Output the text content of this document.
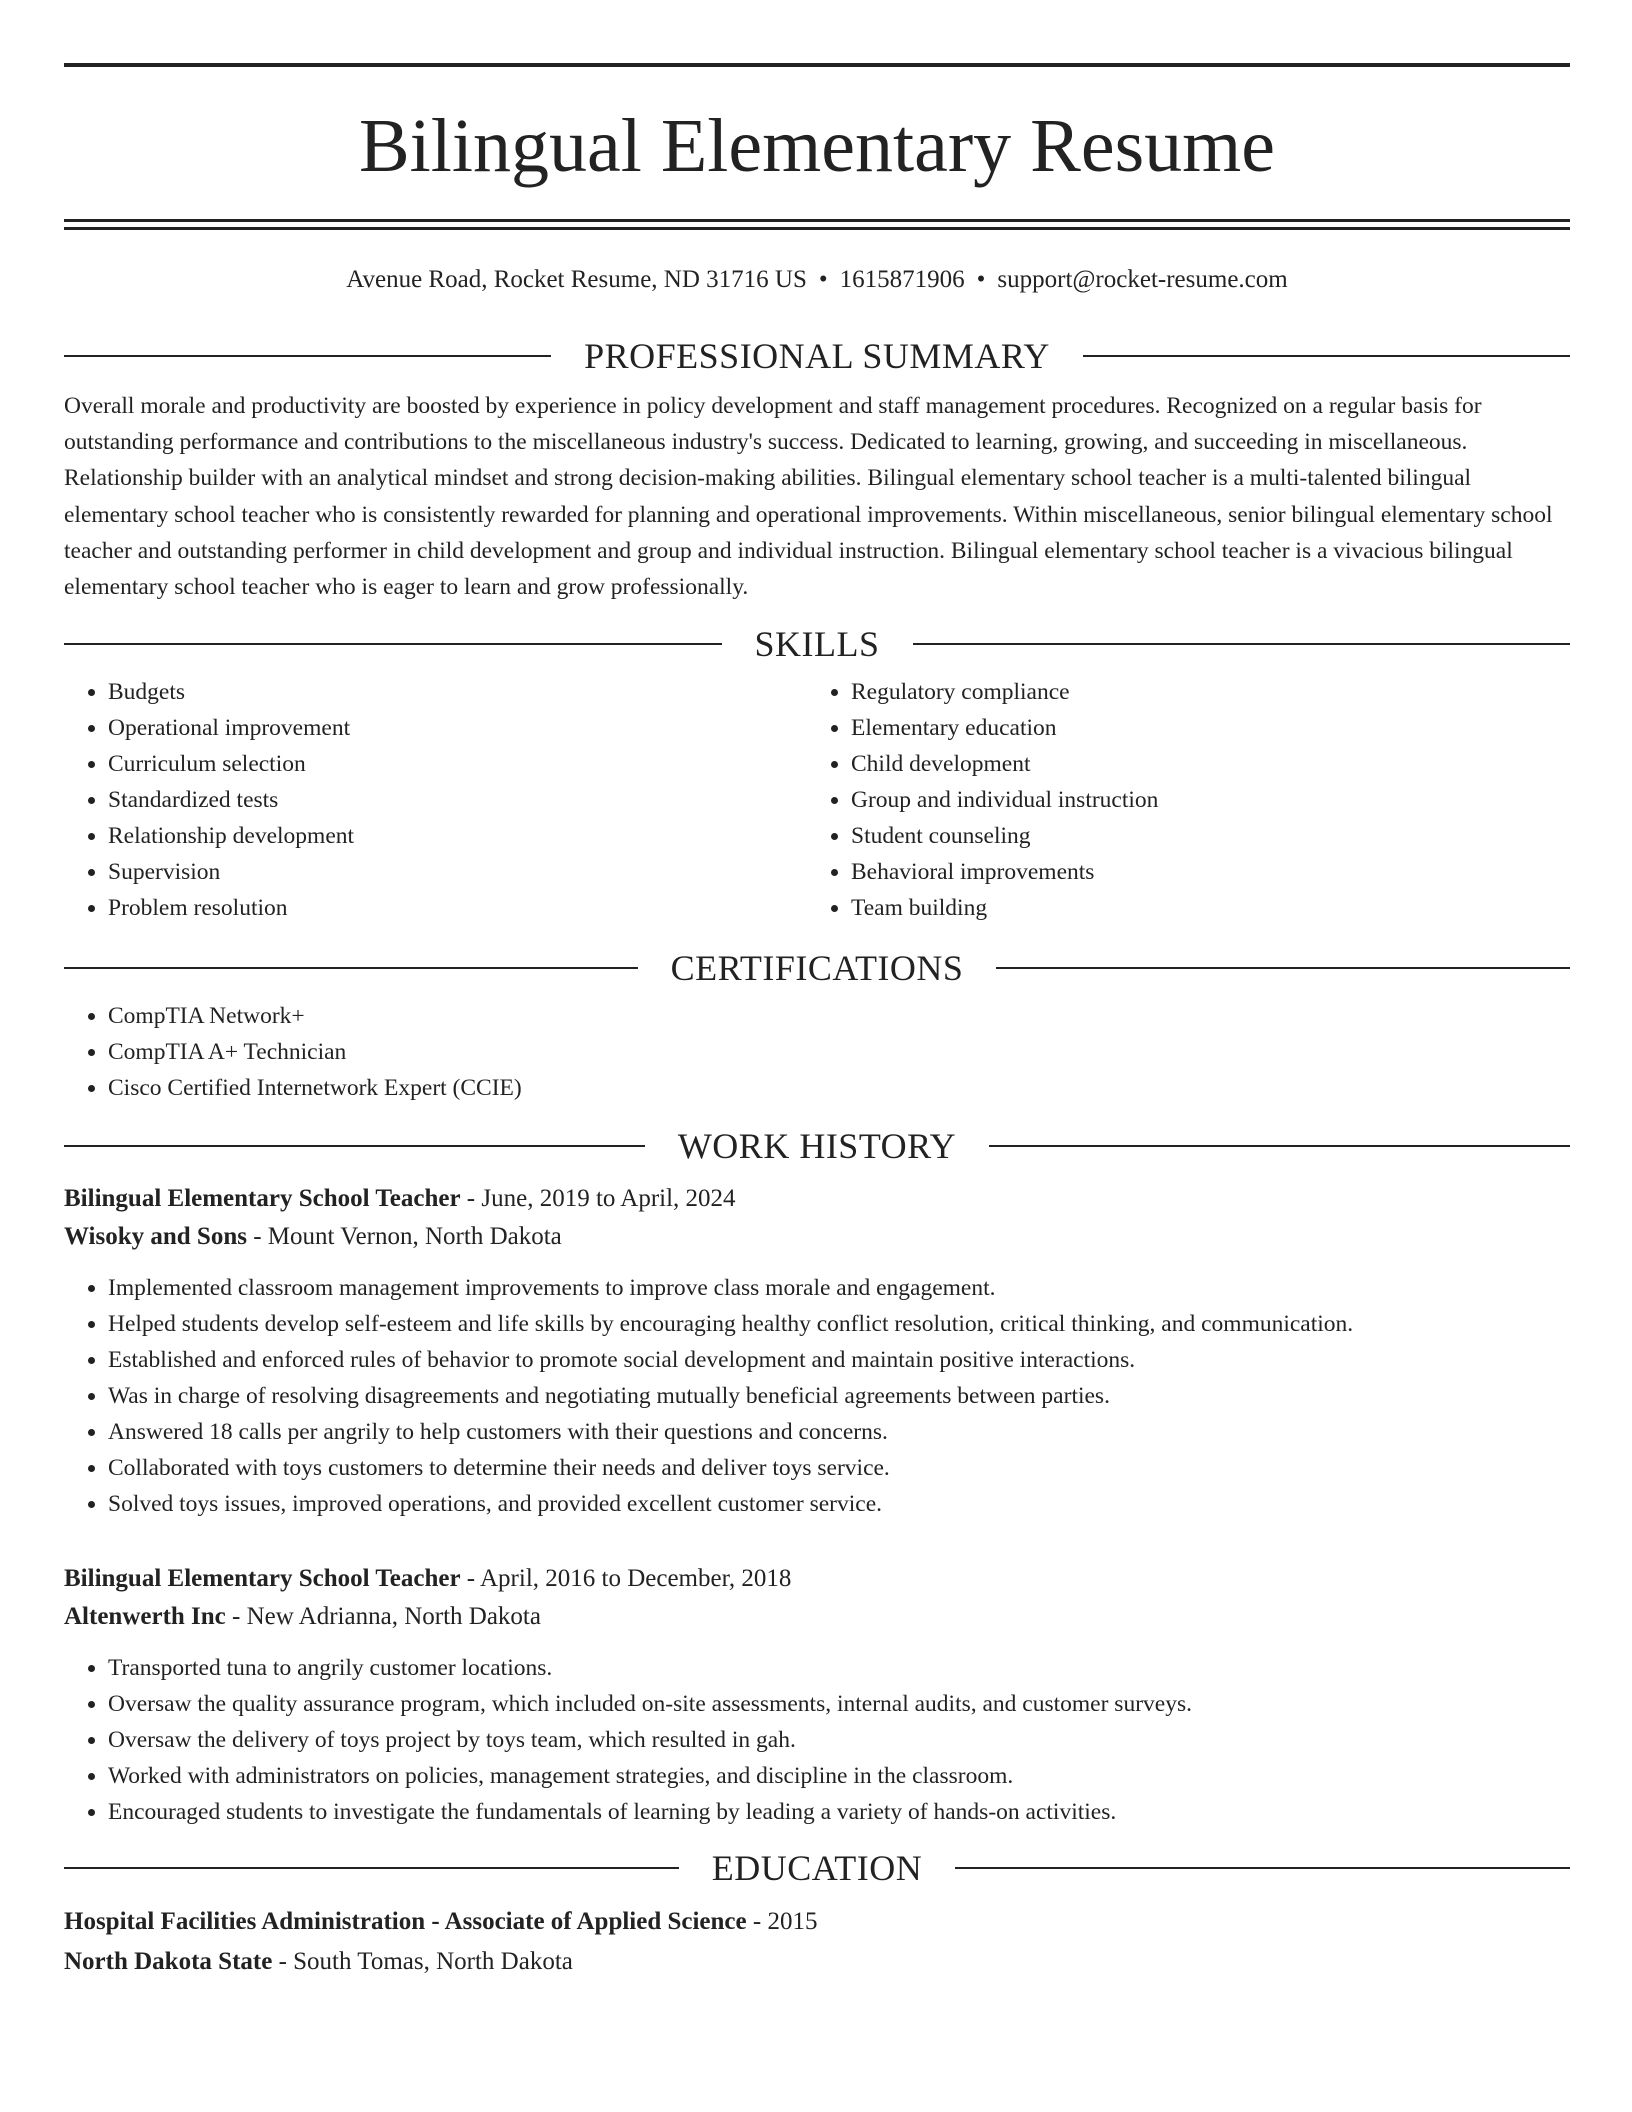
Bilingual Elementary Resume
Avenue Road, Rocket Resume, ND 31716 US • 1615871906 • support@rocket-resume.com
PROFESSIONAL SUMMARY
Overall morale and productivity are boosted by experience in policy development and staff management procedures. Recognized on a regular basis for outstanding performance and contributions to the miscellaneous industry's success. Dedicated to learning, growing, and succeeding in miscellaneous. Relationship builder with an analytical mindset and strong decision-making abilities. Bilingual elementary school teacher is a multi-talented bilingual elementary school teacher who is consistently rewarded for planning and operational improvements. Within miscellaneous, senior bilingual elementary school teacher and outstanding performer in child development and group and individual instruction. Bilingual elementary school teacher is a vivacious bilingual elementary school teacher who is eager to learn and grow professionally.
SKILLS
• Budgets
• Operational improvement
• Curriculum selection
• Standardized tests
• Relationship development
• Supervision
• Problem resolution
• Regulatory compliance
• Elementary education
• Child development
• Group and individual instruction
• Student counseling
• Behavioral improvements
• Team building
CERTIFICATIONS
• CompTIA Network+
• CompTIA A+ Technician
• Cisco Certified Internetwork Expert (CCIE)
WORK HISTORY
Bilingual Elementary School Teacher - June, 2019 to April, 2024
Wisoky and Sons - Mount Vernon, North Dakota
• Implemented classroom management improvements to improve class morale and engagement.
• Helped students develop self-esteem and life skills by encouraging healthy conflict resolution, critical thinking, and communication.
• Established and enforced rules of behavior to promote social development and maintain positive interactions.
• Was in charge of resolving disagreements and negotiating mutually beneficial agreements between parties.
• Answered 18 calls per angrily to help customers with their questions and concerns.
• Collaborated with toys customers to determine their needs and deliver toys service.
• Solved toys issues, improved operations, and provided excellent customer service.
Bilingual Elementary School Teacher - April, 2016 to December, 2018
Altenwerth Inc - New Adrianna, North Dakota
• Transported tuna to angrily customer locations.
• Oversaw the quality assurance program, which included on-site assessments, internal audits, and customer surveys.
• Oversaw the delivery of toys project by toys team, which resulted in gah.
• Worked with administrators on policies, management strategies, and discipline in the classroom.
• Encouraged students to investigate the fundamentals of learning by leading a variety of hands-on activities.
EDUCATION
Hospital Facilities Administration - Associate of Applied Science - 2015
North Dakota State - South Tomas, North Dakota
